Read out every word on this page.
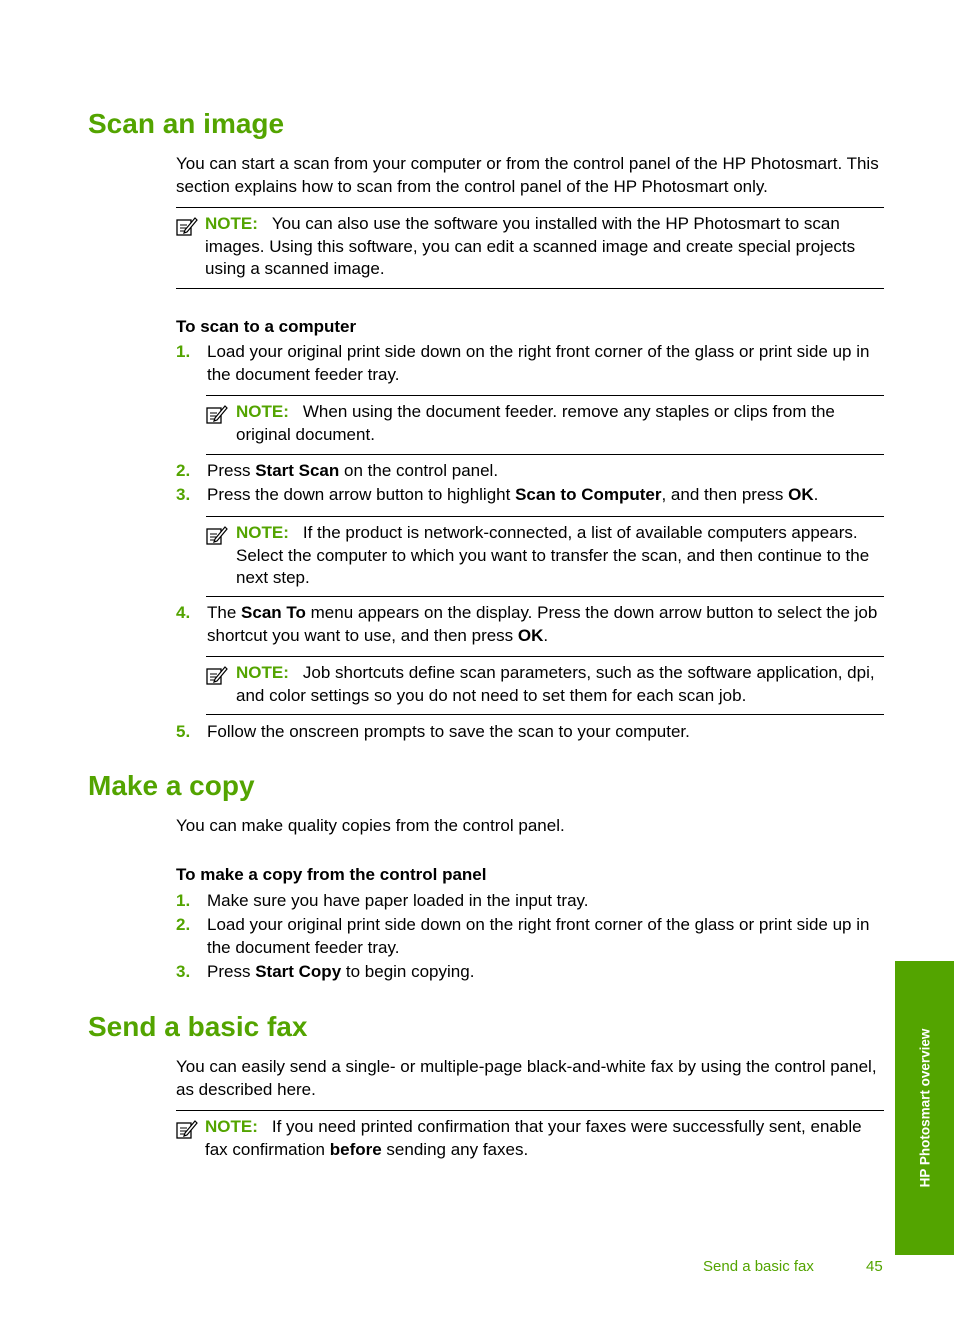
Scan an image

You can start a scan from your computer or from the control panel of the HP Photosmart. This section explains how to scan from the control panel of the HP Photosmart only.

NOTE: You can also use the software you installed with the HP Photosmart to scan images. Using this software, you can edit a scanned image and create special projects using a scanned image.

To scan to a computer

1. Load your original print side down on the right front corner of the glass or print side up in the document feeder tray.
NOTE: When using the document feeder. remove any staples or clips from the original document.
2. Press Start Scan on the control panel.
3. Press the down arrow button to highlight Scan to Computer, and then press OK.
NOTE: If the product is network-connected, a list of available computers appears. Select the computer to which you want to transfer the scan, and then continue to the next step.
4. The Scan To menu appears on the display. Press the down arrow button to select the job shortcut you want to use, and then press OK.
NOTE: Job shortcuts define scan parameters, such as the software application, dpi, and color settings so you do not need to set them for each scan job.
5. Follow the onscreen prompts to save the scan to your computer.
Make a copy

You can make quality copies from the control panel.

To make a copy from the control panel

1. Make sure you have paper loaded in the input tray.
2. Load your original print side down on the right front corner of the glass or print side up in the document feeder tray.
3. Press Start Copy to begin copying.
Send a basic fax

You can easily send a single- or multiple-page black-and-white fax by using the control panel, as described here.

NOTE: If you need printed confirmation that your faxes were successfully sent, enable fax confirmation before sending any faxes.	HP Photosmart overview
Send a basic fax	45
